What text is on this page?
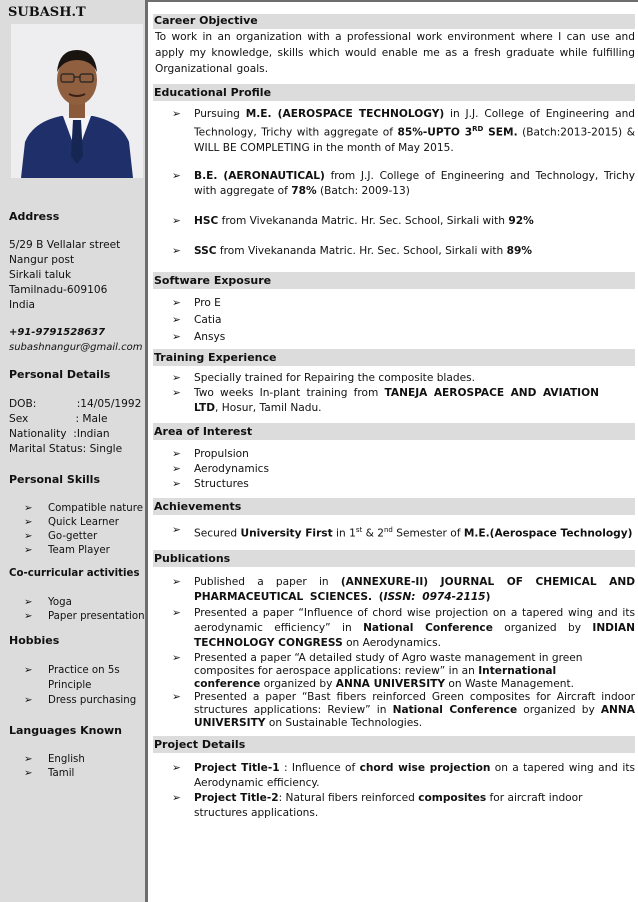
SUBASH.T
Address
5/29 B Vellalar street
Nangur post
Sirkali taluk
Tamilnadu-609106
India
+91-9791528637
subashnangur@gmail.com
Personal Details
DOB:            :14/05/1992
Sex              : Male
Nationality  :Indian
Marital Status: Single
Personal Skills
➢ Compatible nature
➢ Quick Learner
➢ Go-getter
➢ Team Player
Co-curricular activities
➢ Yoga
➢ Paper presentation
Hobbies
➢ Practice on 5s Principle
➢ Dress purchasing
Languages Known
➢ English
➢ Tamil
Career Objective
To work in an organization with a professional work environment where I can use and apply my knowledge, skills which would enable me as a fresh graduate while fulfilling Organizational goals.
Educational Profile
➢ Pursuing M.E. (AEROSPACE TECHNOLOGY) in J.J. College of Engineering and Technology, Trichy with aggregate of 85%-UPTO 3RD SEM. (Batch:2013-2015) & WILL BE COMPLETING in the month of May 2015.
➢ B.E. (AERONAUTICAL) from J.J. College of Engineering and Technology, Trichy with aggregate of 78% (Batch: 2009-13)
➢ HSC from Vivekananda Matric. Hr. Sec. School, Sirkali with 92%
➢ SSC from Vivekananda Matric. Hr. Sec. School, Sirkali with 89%
Software Exposure
➢ Pro E
➢ Catia
➢ Ansys
Training Experience
➢ Specially trained for Repairing the composite blades.
➢ Two weeks In-plant training from TANEJA AEROSPACE AND AVIATION LTD, Hosur, Tamil Nadu.
Area of Interest
➢ Propulsion
➢ Aerodynamics
➢ Structures
Achievements
➢ Secured University First in 1st & 2nd Semester of M.E.(Aerospace Technology)
Publications
➢ Published a paper in (ANNEXURE-II) JOURNAL OF CHEMICAL AND PHARMACEUTICAL SCIENCES. (ISSN: 0974-2115)
➢ Presented a paper “Influence of chord wise projection on a tapered wing and its aerodynamic efficiency” in National Conference organized by INDIAN TECHNOLOGY CONGRESS on Aerodynamics.
➢ Presented a paper “A detailed study of Agro waste management in green composites for aerospace applications: review” in an International conference organized by ANNA UNIVERSITY on Waste Management.
➢ Presented a paper “Bast fibers reinforced Green composites for Aircraft indoor structures applications: Review” in National Conference organized by ANNA UNIVERSITY on Sustainable Technologies.
Project Details
➢ Project Title-1 : Influence of chord wise projection on a tapered wing and its Aerodynamic efficiency.
➢ Project Title-2: Natural fibers reinforced composites for aircraft indoor structures applications.
